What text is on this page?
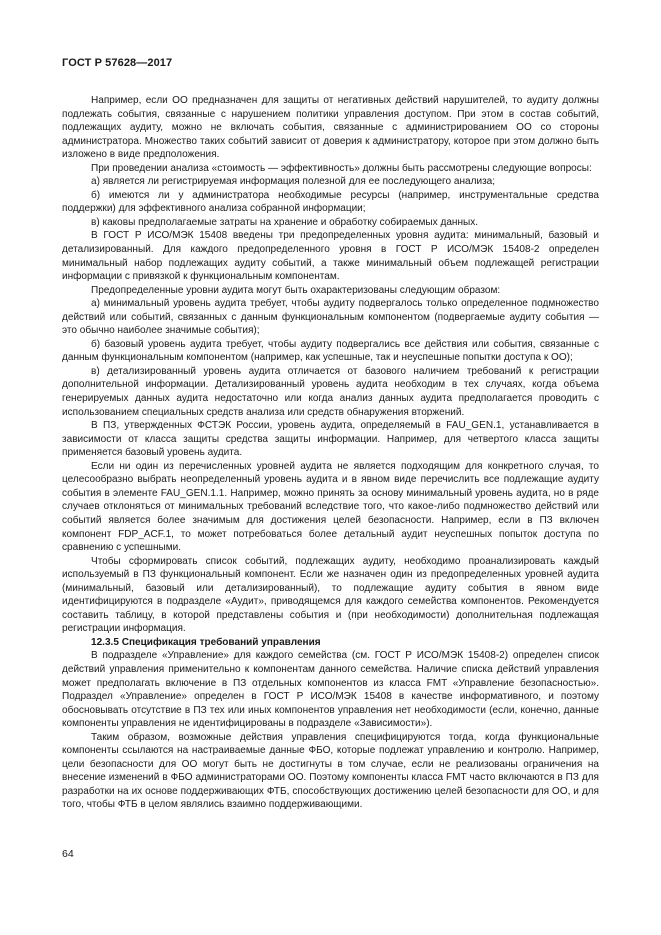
ГОСТ Р 57628—2017

Например, если ОО предназначен для защиты от негативных действий нарушителей, то аудиту должны подлежать события, связанные с нарушением политики управления доступом. При этом в состав событий, подлежащих аудиту, можно не включать события, связанные с администрированием ОО со стороны администратора. Множество таких событий зависит от доверия к администратору, которое при этом должно быть изложено в виде предположения.

При проведении анализа «стоимость — эффективность» должны быть рассмотрены следующие вопросы:

а) является ли регистрируемая информация полезной для ее последующего анализа;

б) имеются ли у администратора необходимые ресурсы (например, инструментальные средства поддержки) для эффективного анализа собранной информации;

в) каковы предполагаемые затраты на хранение и обработку собираемых данных.

В ГОСТ Р ИСО/МЭК 15408 введены три предопределенных уровня аудита: минимальный, базовый и детализированный. Для каждого предопределенного уровня в ГОСТ Р ИСО/МЭК 15408-2 определен минимальный набор подлежащих аудиту событий, а также минимальный объем подлежащей регистрации информации с привязкой к функциональным компонентам.

Предопределенные уровни аудита могут быть охарактеризованы следующим образом:

а) минимальный уровень аудита требует, чтобы аудиту подвергалось только определенное подмножество действий или событий, связанных с данным функциональным компонентом (подвергаемые аудиту события — это обычно наиболее значимые события);

б) базовый уровень аудита требует, чтобы аудиту подвергались все действия или события, связанные с данным функциональным компонентом (например, как успешные, так и неуспешные попытки доступа к ОО);

в) детализированный уровень аудита отличается от базового наличием требований к регистрации дополнительной информации. Детализированный уровень аудита необходим в тех случаях, когда объема генерируемых данных аудита недостаточно или когда анализ данных аудита предполагается проводить с использованием специальных средств анализа или средств обнаружения вторжений.

В ПЗ, утвержденных ФСТЭК России, уровень аудита, определяемый в FAU_GEN.1, устанавливается в зависимости от класса защиты средства защиты информации. Например, для четвертого класса защиты применяется базовый уровень аудита.

Если ни один из перечисленных уровней аудита не является подходящим для конкретного случая, то целесообразно выбрать неопределенный уровень аудита и в явном виде перечислить все подлежащие аудиту события в элементе FAU_GEN.1.1. Например, можно принять за основу минимальный уровень аудита, но в ряде случаев отклоняться от минимальных требований вследствие того, что какое-либо подмножество действий или событий является более значимым для достижения целей безопасности. Например, если в ПЗ включен компонент FDP_ACF.1, то может потребоваться более детальный аудит неуспешных попыток доступа по сравнению с успешными.

Чтобы сформировать список событий, подлежащих аудиту, необходимо проанализировать каждый используемый в ПЗ функциональный компонент. Если же назначен один из предопределенных уровней аудита (минимальный, базовый или детализированный), то подлежащие аудиту события в явном виде идентифицируются в подразделе «Аудит», приводящемся для каждого семейства компонентов. Рекомендуется составить таблицу, в которой представлены события и (при необходимости) дополнительная подлежащая регистрации информация.

12.3.5 Спецификация требований управления

В подразделе «Управление» для каждого семейства (см. ГОСТ Р ИСО/МЭК 15408-2) определен список действий управления применительно к компонентам данного семейства. Наличие списка действий управления может предполагать включение в ПЗ отдельных компонентов из класса FMT «Управление безопасностью». Подраздел «Управление» определен в ГОСТ Р ИСО/МЭК 15408 в качестве информативного, и поэтому обосновывать отсутствие в ПЗ тех или иных компонентов управления нет необходимости (если, конечно, данные компоненты управления не идентифицированы в подразделе «Зависимости»).

Таким образом, возможные действия управления специфицируются тогда, когда функциональные компоненты ссылаются на настраиваемые данные ФБО, которые подлежат управлению и контролю. Например, цели безопасности для ОО могут быть не достигнуты в том случае, если не реализованы ограничения на внесение изменений в ФБО администраторами ОО. Поэтому компоненты класса FMT часто включаются в ПЗ для разработки на их основе поддерживающих ФТБ, способствующих достижению целей безопасности для ОО, и для того, чтобы ФТБ в целом являлись взаимно поддерживающими.

64
